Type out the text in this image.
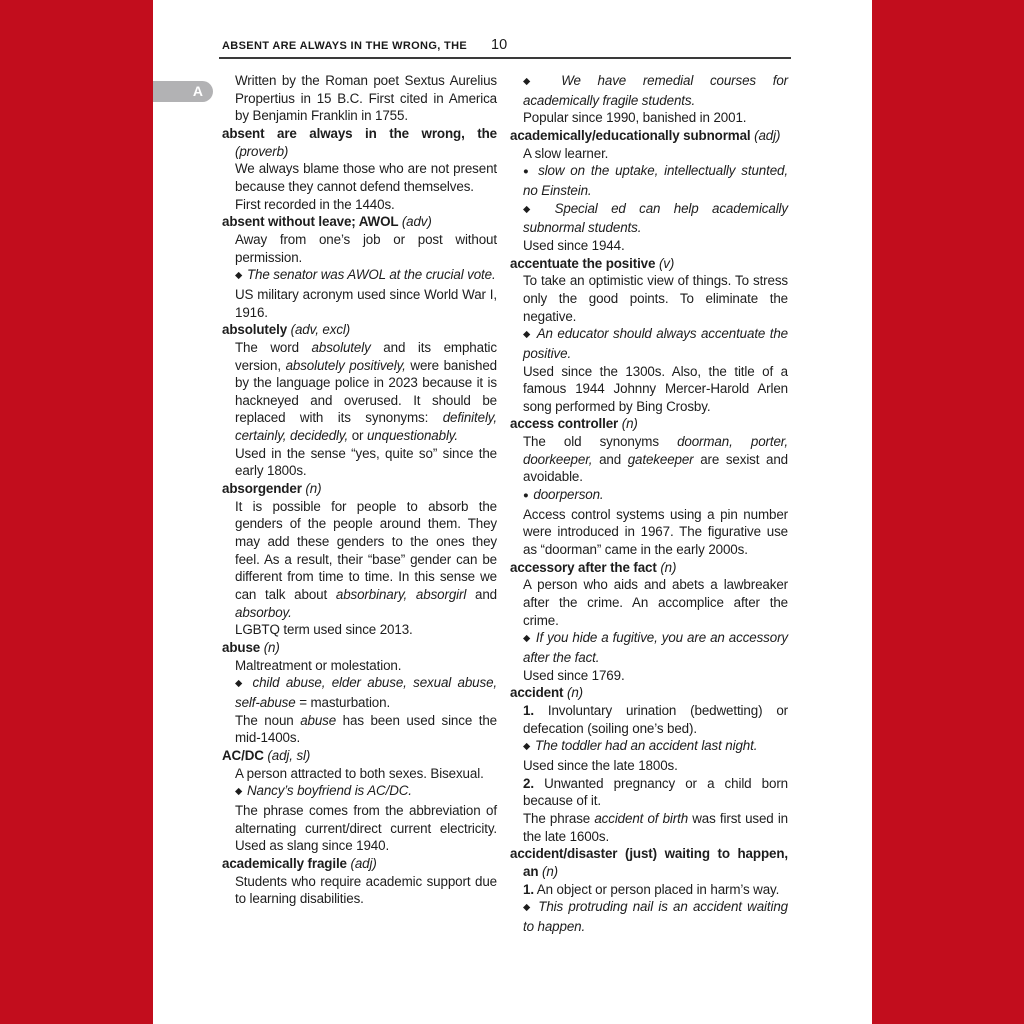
ABSENT ARE ALWAYS IN THE WRONG, THE 10
A
Written by the Roman poet Sextus Aurelius Propertius in 15 B.C. First cited in America by Benjamin Franklin in 1755.
absent are always in the wrong, the (proverb)
We always blame those who are not present because they cannot defend themselves.
First recorded in the 1440s.
absent without leave; AWOL (adv)
Away from one’s job or post without permission.
◆ The senator was AWOL at the crucial vote.
US military acronym used since World War I, 1916.
absolutely (adv, excl)
The word absolutely and its emphatic version, absolutely positively, were banished by the language police in 2023 because it is hackneyed and overused. It should be replaced with its synonyms: definitely, certainly, decidedly, or unquestionably.
Used in the sense “yes, quite so” since the early 1800s.
absorgender (n)
It is possible for people to absorb the genders of the people around them. They may add these genders to the ones they feel. As a result, their “base” gender can be different from time to time. In this sense we can talk about absorbinary, absorgirl and absorboy.
LGBTQ term used since 2013.
abuse (n)
Maltreatment or molestation.
◆ child abuse, elder abuse, sexual abuse, self-abuse = masturbation.
The noun abuse has been used since the mid-1400s.
AC/DC (adj, sl)
A person attracted to both sexes. Bisexual.
◆ Nancy’s boyfriend is AC/DC.
The phrase comes from the abbreviation of alternating current/direct current electricity. Used as slang since 1940.
academically fragile (adj)
Students who require academic support due to learning disabilities.
◆ We have remedial courses for academically fragile students.
Popular since 1990, banished in 2001.
academically/educationally subnormal (adj)
A slow learner.
● slow on the uptake, intellectually stunted, no Einstein.
◆ Special ed can help academically subnormal students.
Used since 1944.
accentuate the positive (v)
To take an optimistic view of things. To stress only the good points. To eliminate the negative.
◆ An educator should always accentuate the positive.
Used since the 1300s. Also, the title of a famous 1944 Johnny Mercer-Harold Arlen song performed by Bing Crosby.
access controller (n)
The old synonyms doorman, porter, doorkeeper, and gatekeeper are sexist and avoidable.
● doorperson.
Access control systems using a pin number were introduced in 1967. The figurative use as “doorman” came in the early 2000s.
accessory after the fact (n)
A person who aids and abets a lawbreaker after the crime. An accomplice after the crime.
◆ If you hide a fugitive, you are an accessory after the fact.
Used since 1769.
accident (n)
1. Involuntary urination (bedwetting) or defecation (soiling one’s bed).
◆ The toddler had an accident last night.
Used since the late 1800s.
2. Unwanted pregnancy or a child born because of it.
The phrase accident of birth was first used in the late 1600s.
accident/disaster (just) waiting to happen, an (n)
1. An object or person placed in harm’s way.
◆ This protruding nail is an accident waiting to happen.
